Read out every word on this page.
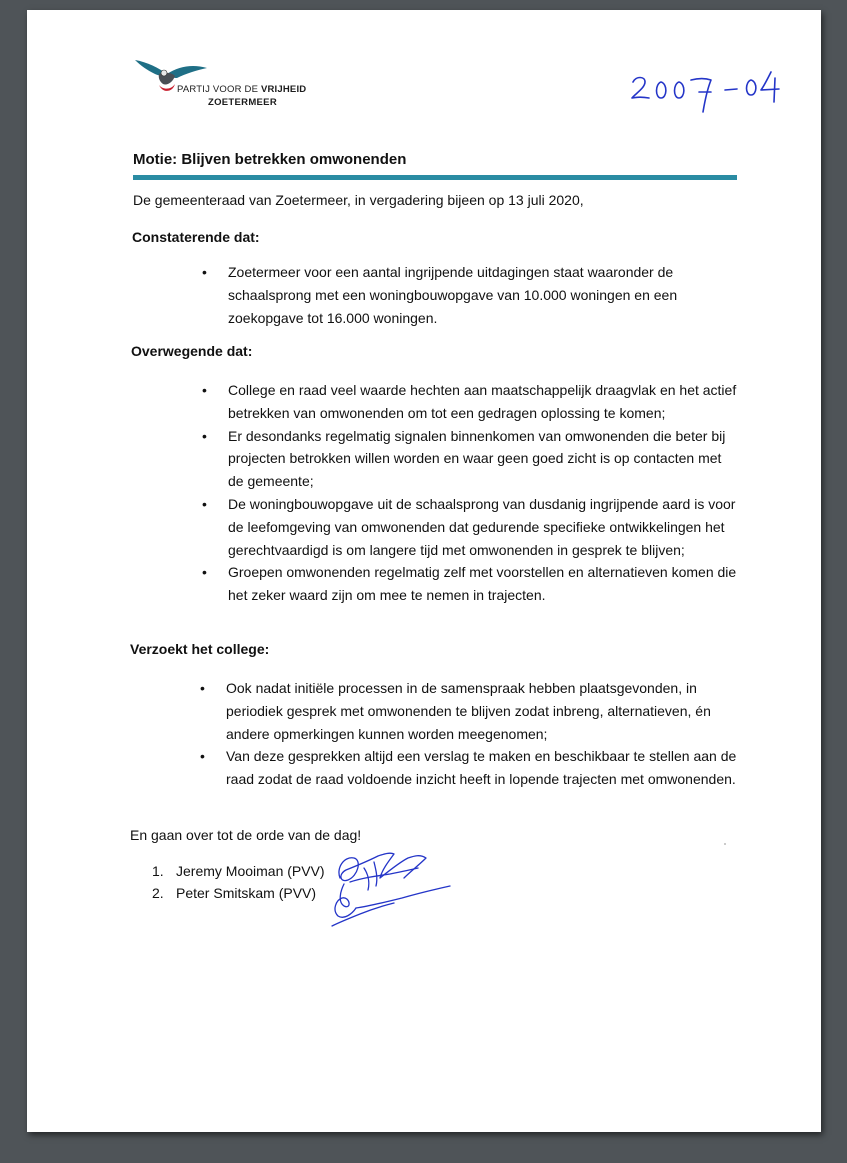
PARTIJ VOOR DE VRIJHEID
ZOETERMEER
Motie: Blijven betrekken omwonenden
De gemeenteraad van Zoetermeer, in vergadering bijeen op 13 juli 2020,
Constaterende dat:
• Zoetermeer voor een aantal ingrijpende uitdagingen staat waaronder de schaalsprong met een woningbouwopgave van 10.000 woningen en een zoekopgave tot 16.000 woningen.
Overwegende dat:
• College en raad veel waarde hechten aan maatschappelijk draagvlak en het actief betrekken van omwonenden om tot een gedragen oplossing te komen;
• Er desondanks regelmatig signalen binnenkomen van omwonenden die beter bij projecten betrokken willen worden en waar geen goed zicht is op contacten met de gemeente;
• De woningbouwopgave uit de schaalsprong van dusdanig ingrijpende aard is voor de leefomgeving van omwonenden dat gedurende specifieke ontwikkelingen het gerechtvaardigd is om langere tijd met omwonenden in gesprek te blijven;
• Groepen omwonenden regelmatig zelf met voorstellen en alternatieven komen die het zeker waard zijn om mee te nemen in trajecten.
Verzoekt het college:
• Ook nadat initiële processen in de samenspraak hebben plaatsgevonden, in periodiek gesprek met omwonenden te blijven zodat inbreng, alternatieven, én andere opmerkingen kunnen worden meegenomen;
• Van deze gesprekken altijd een verslag te maken en beschikbaar te stellen aan de raad zodat de raad voldoende inzicht heeft in lopende trajecten met omwonenden.
En gaan over tot de orde van de dag!
1. Jeremy Mooiman (PVV)
2. Peter Smitskam (PVV)
